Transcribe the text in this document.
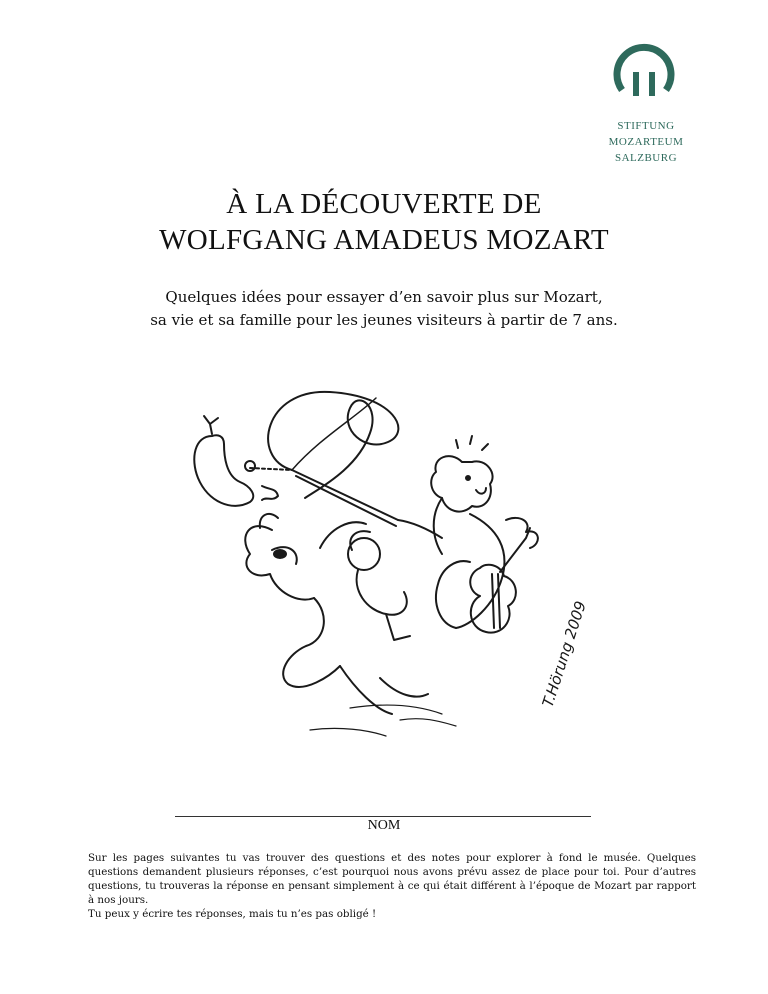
STIFTUNG
MOZARTEUM
SALZBURG
À LA DÉCOUVERTE DE
WOLFGANG AMADEUS MOZART

Quelques idées pour essayer d’en savoir plus sur Mozart,
sa vie et sa famille pour les jeunes visiteurs à partir de 7 ans.

T.Hörung 2009

NOM

Sur les pages suivantes tu vas trouver des questions et des notes pour explorer à fond le musée. Quelques questions demandent plusieurs réponses, c’est pourquoi nous avons prévu assez de place pour toi. Pour d’autres questions, tu trouveras la réponse en pensant simplement à ce qui était différent à l’époque de Mozart par rapport à nos jours.
Tu peux y écrire tes réponses, mais tu n’es pas obligé !
